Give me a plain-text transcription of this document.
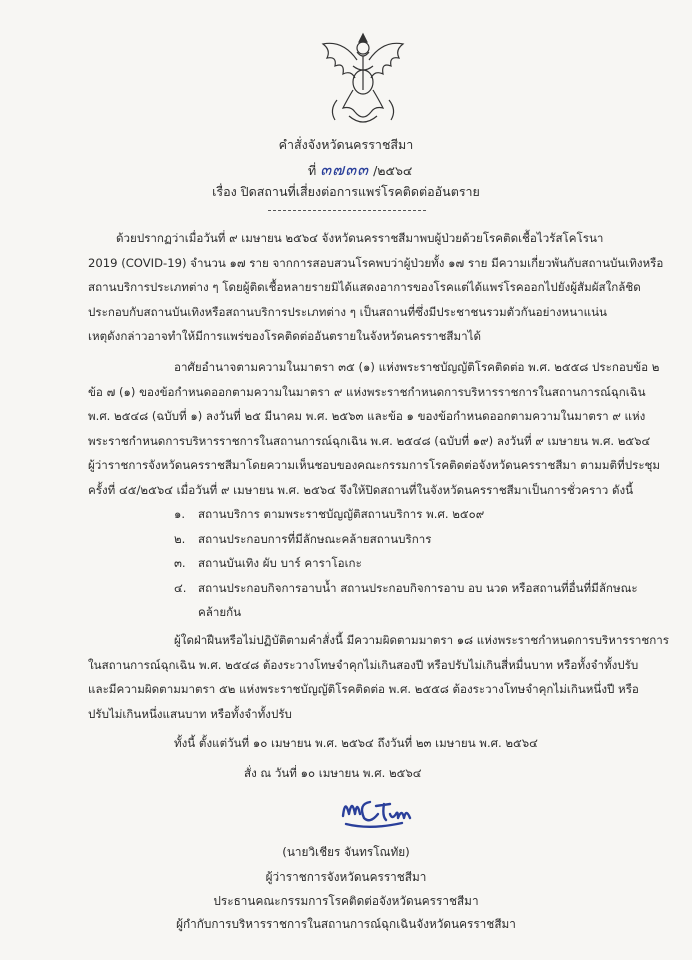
คำสั่งจังหวัดนครราชสีมา
ที่ ๓๗๓๓ /๒๕๖๔
เรื่อง ปิดสถานที่เสี่ยงต่อการแพร่โรคติดต่ออันตราย

ด้วยปรากฏว่าเมื่อวันที่ ๙ เมษายน ๒๕๖๔ จังหวัดนครราชสีมาพบผู้ป่วยด้วยโรคติดเชื้อไวรัสโคโรนา

2019 (COVID-19) จำนวน ๑๗ ราย จากการสอบสวนโรคพบว่าผู้ป่วยทั้ง ๑๗ ราย มีความเกี่ยวพันกับสถานบันเทิงหรือ

สถานบริการประเภทต่าง ๆ โดยผู้ติดเชื้อหลายรายมิได้แสดงอาการของโรคแต่ได้แพร่โรคออกไปยังผู้สัมผัสใกล้ชิด

ประกอบกับสถานบันเทิงหรือสถานบริการประเภทต่าง ๆ เป็นสถานที่ซึ่งมีประชาชนรวมตัวกันอย่างหนาแน่น

เหตุดังกล่าวอาจทำให้มีการแพร่ของโรคติดต่ออันตรายในจังหวัดนครราชสีมาได้

อาศัยอำนาจตามความในมาตรา ๓๕ (๑) แห่งพระราชบัญญัติโรคติดต่อ พ.ศ. ๒๕๕๘ ประกอบข้อ ๒

ข้อ ๗ (๑) ของข้อกำหนดออกตามความในมาตรา ๙ แห่งพระราชกำหนดการบริหารราชการในสถานการณ์ฉุกเฉิน

พ.ศ. ๒๕๔๘ (ฉบับที่ ๑) ลงวันที่ ๒๕ มีนาคม พ.ศ. ๒๕๖๓ และข้อ ๑ ของข้อกำหนดออกตามความในมาตรา ๙ แห่ง

พระราชกำหนดการบริหารราชการในสถานการณ์ฉุกเฉิน พ.ศ. ๒๕๔๘ (ฉบับที่ ๑๙) ลงวันที่ ๙ เมษายน พ.ศ. ๒๕๖๔

ผู้ว่าราชการจังหวัดนครราชสีมาโดยความเห็นชอบของคณะกรรมการโรคติดต่อจังหวัดนครราชสีมา ตามมติที่ประชุม

ครั้งที่ ๔๕/๒๕๖๔ เมื่อวันที่ ๙ เมษายน พ.ศ. ๒๕๖๔ จึงให้ปิดสถานที่ในจังหวัดนครราชสีมาเป็นการชั่วคราว ดังนี้

๑.	สถานบริการ ตามพระราชบัญญัติสถานบริการ พ.ศ. ๒๕๐๙
๒.	สถานประกอบการที่มีลักษณะคล้ายสถานบริการ
๓.	สถานบันเทิง ผับ บาร์ คาราโอเกะ
๔. สถานประกอบกิจการอาบน้ำ สถานประกอบกิจการอาบ อบ นวด หรือสถานที่อื่นที่มีลักษณะ
คล้ายกัน

ผู้ใดฝ่าฝืนหรือไม่ปฏิบัติตามคำสั่งนี้ มีความผิดตามมาตรา ๑๘ แห่งพระราชกำหนดการบริหารราชการ

ในสถานการณ์ฉุกเฉิน พ.ศ. ๒๕๔๘ ต้องระวางโทษจำคุกไม่เกินสองปี หรือปรับไม่เกินสี่หมื่นบาท หรือทั้งจำทั้งปรับ

และมีความผิดตามมาตรา ๕๒ แห่งพระราชบัญญัติโรคติดต่อ พ.ศ. ๒๕๕๘ ต้องระวางโทษจำคุกไม่เกินหนึ่งปี หรือ

ปรับไม่เกินหนึ่งแสนบาท หรือทั้งจำทั้งปรับ

ทั้งนี้ ตั้งแต่วันที่ ๑๐ เมษายน พ.ศ. ๒๕๖๔ ถึงวันที่ ๒๓ เมษายน พ.ศ. ๒๕๖๔

สั่ง ณ วันที่ ๑๐ เมษายน พ.ศ. ๒๕๖๔

(นายวิเชียร จันทรโณทัย)
ผู้ว่าราชการจังหวัดนครราชสีมา
ประธานคณะกรรมการโรคติดต่อจังหวัดนครราชสีมา
ผู้กำกับการบริหารราชการในสถานการณ์ฉุกเฉินจังหวัดนครราชสีมา
